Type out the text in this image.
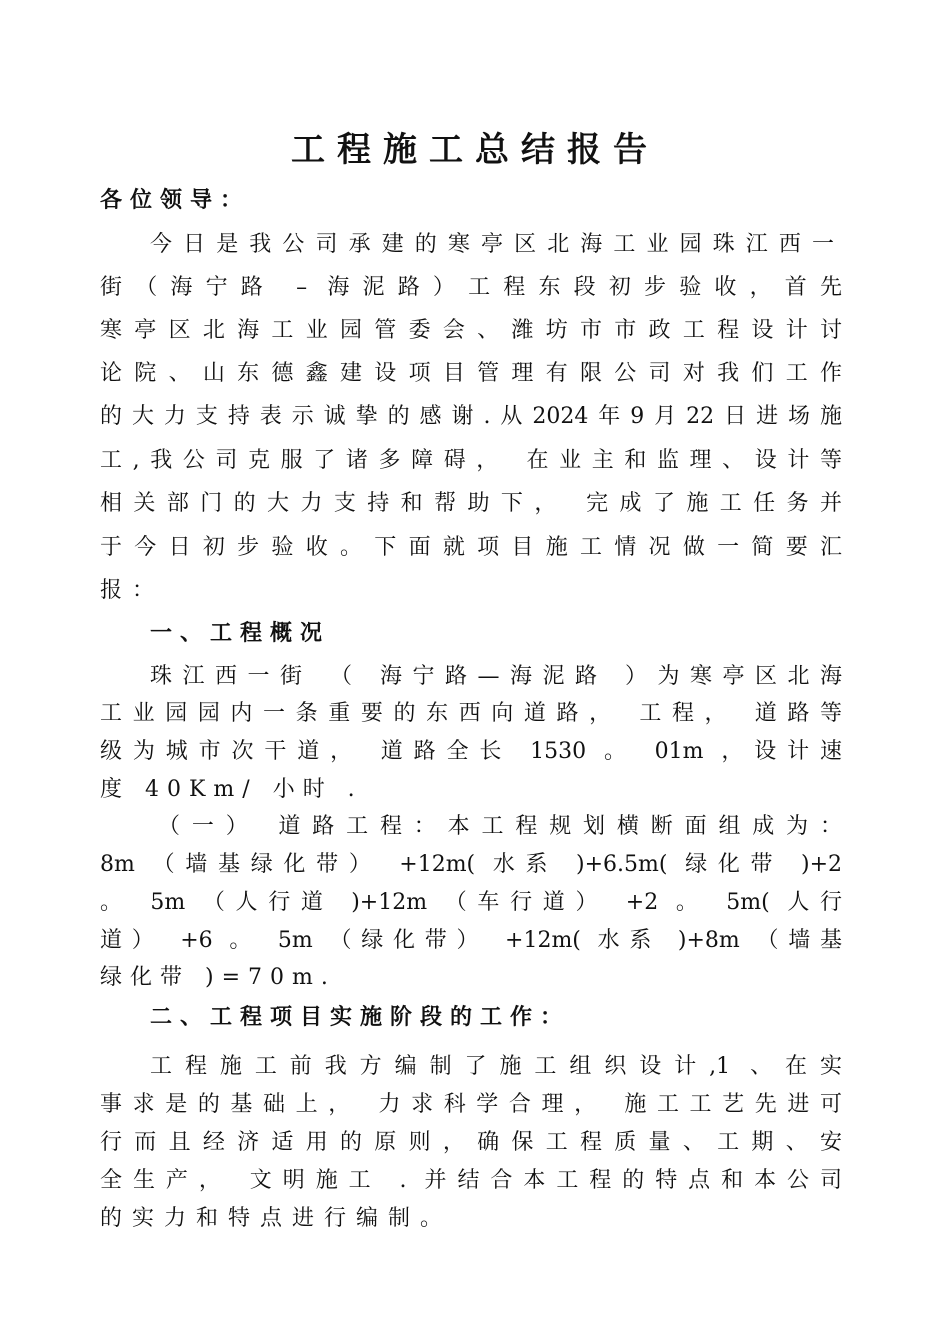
工程施工总结报告
各位领导：
今日是我公司承建的寒亭区北海工业园珠江西一
街（海宁路 – 海泥路）工程东段初步验收，首先
寒亭区北海工业园管委会、潍坊市市政工程设计讨
论院、山东德鑫建设项目管理有限公司对我们工作
的大力支持表示诚挚的感谢.从2024年9月22日进场施
工,我公司克服了诸多障碍， 在业主和监理、设计等
相关部门的大力支持和帮助下， 完成了施工任务并
于今日初步验收。下面就项目施工情况做一简要汇
报：
一、工程概况
珠江西一街 （ 海宁路—海泥路 ）为寒亭区北海
工业园园内一条重要的东西向道路， 工程， 道路等
级为城市次干道， 道路全长 1530 。 01m ，设计速
度 40Km/ 小时 .
（一） 道路工程：本工程规划横断面组成为：
8m （墙基绿化带） +12m( 水系 )+6.5m( 绿化带 )+2
。 5m （人行道 )+12m （车行道） +2 。 5m( 人行
道） +6 。 5m （绿化带） +12m( 水系 )+8m （墙基
绿化带 )=70m.
二、工程项目实施阶段的工作：
工程施工前我方编制了施工组织设计,1 、在实
事求是的基础上， 力求科学合理， 施工工艺先进可
行而且经济适用的原则，确保工程质量、工期、安
全生产， 文明施工 . 并结合本工程的特点和本公司
的实力和特点进行编制。
